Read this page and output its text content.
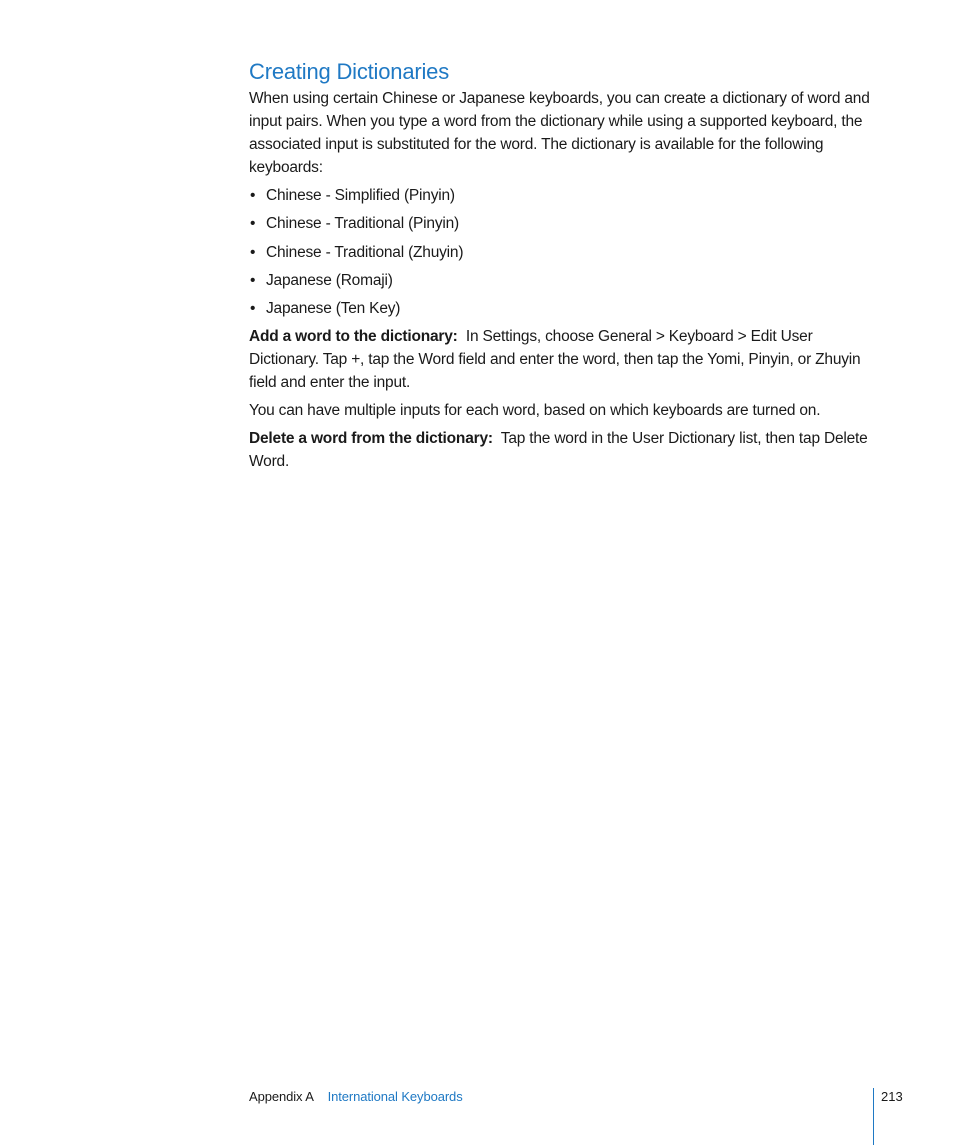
Creating Dictionaries

When using certain Chinese or Japanese keyboards, you can create a dictionary of word and input pairs. When you type a word from the dictionary while using a supported keyboard, the associated input is substituted for the word. The dictionary is available for the following keyboards:

• Chinese - Simplified (Pinyin)
• Chinese - Traditional (Pinyin)
• Chinese - Traditional (Zhuyin)
• Japanese (Romaji)
• Japanese (Ten Key)

Add a word to the dictionary: In Settings, choose General > Keyboard > Edit User Dictionary. Tap +, tap the Word field and enter the word, then tap the Yomi, Pinyin, or Zhuyin field and enter the input.

You can have multiple inputs for each word, based on which keyboards are turned on.

Delete a word from the dictionary: Tap the word in the User Dictionary list, then tap Delete Word.

Appendix A International Keyboards	213
